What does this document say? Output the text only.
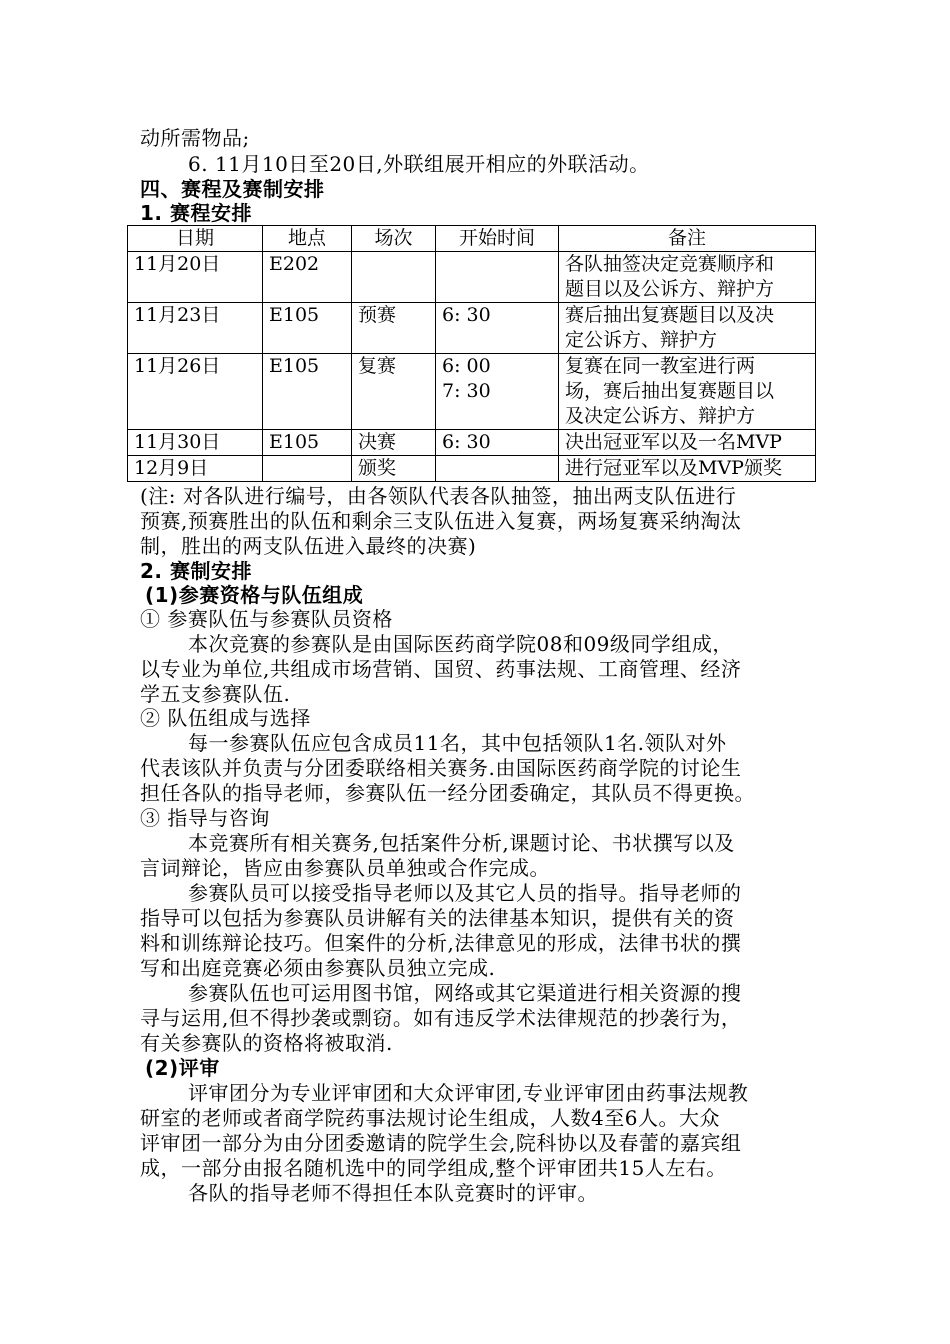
动所需物品;
6. 11月10日至20日,外联组展开相应的外联活动。
四、赛程及赛制安排
1. 赛程安排
日期	地点	场次	开始时间	备注
11月20日	E202			各队抽签决定竞赛顺序和
题目以及公诉方、辩护方
11月23日	E105	预赛	6: 30	赛后抽出复赛题目以及决
定公诉方、辩护方
11月26日	E105	复赛	6: 00
7: 30	复赛在同一教室进行两
场，赛后抽出复赛题目以
及决定公诉方、辩护方
11月30日	E105	决赛	6: 30	决出冠亚军以及一名MVP
12月9日		颁奖		进行冠亚军以及MVP颁奖
(注: 对各队进行编号，由各领队代表各队抽签，抽出两支队伍进行
预赛,预赛胜出的队伍和剩余三支队伍进入复赛，两场复赛采纳淘汰
制，胜出的两支队伍进入最终的决赛)
2. 赛制安排
(1)参赛资格与队伍组成
① 参赛队伍与参赛队员资格
本次竞赛的参赛队是由国际医药商学院08和09级同学组成，
以专业为单位,共组成市场营销、国贸、药事法规、工商管理、经济
学五支参赛队伍.
② 队伍组成与选择
每一参赛队伍应包含成员11名，其中包括领队1名.领队对外
代表该队并负责与分团委联络相关赛务.由国际医药商学院的讨论生
担任各队的指导老师，参赛队伍一经分团委确定，其队员不得更换。
③ 指导与咨询
本竞赛所有相关赛务,包括案件分析,课题讨论、书状撰写以及
言词辩论，皆应由参赛队员单独或合作完成。
参赛队员可以接受指导老师以及其它人员的指导。指导老师的
指导可以包括为参赛队员讲解有关的法律基本知识，提供有关的资
料和训练辩论技巧。但案件的分析,法律意见的形成，法律书状的撰
写和出庭竞赛必须由参赛队员独立完成.
参赛队伍也可运用图书馆，网络或其它渠道进行相关资源的搜
寻与运用,但不得抄袭或剽窃。如有违反学术法律规范的抄袭行为，
有关参赛队的资格将被取消.
(2)评审
评审团分为专业评审团和大众评审团,专业评审团由药事法规教
研室的老师或者商学院药事法规讨论生组成，人数4至6人。大众
评审团一部分为由分团委邀请的院学生会,院科协以及春蕾的嘉宾组
成，一部分由报名随机选中的同学组成,整个评审团共15人左右。
各队的指导老师不得担任本队竞赛时的评审。
